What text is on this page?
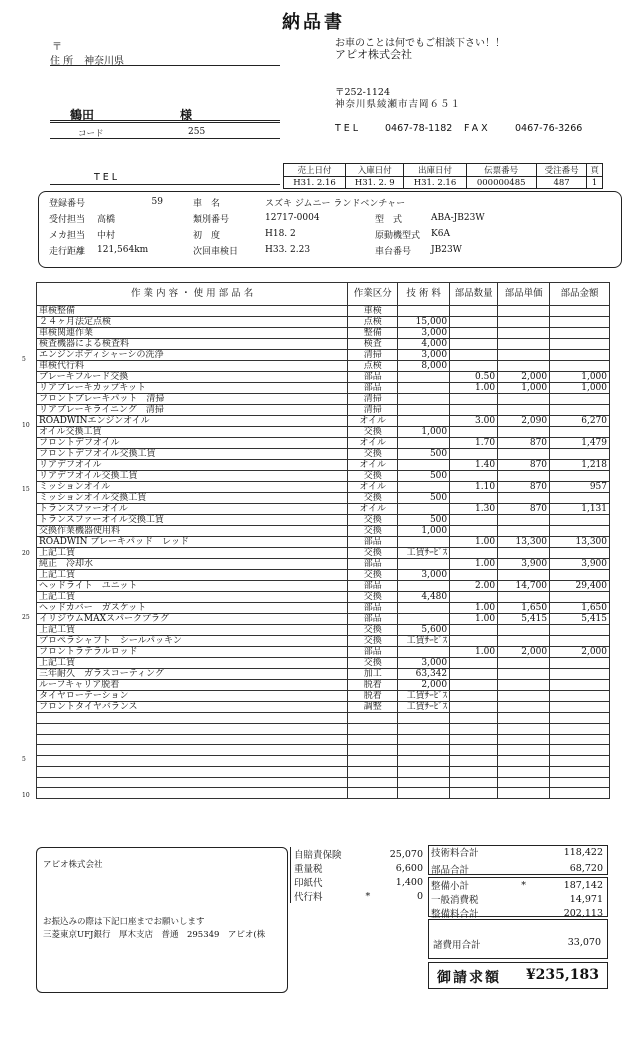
納品書
お車のことは何でもご相談下さい！！
アピオ株式会社
〒252-1124
神奈川県綾瀬市吉岡６５１
TEL	0467-78-1182 FAX	0467-76-3266
〒
住 所 神奈川県
鶴田	様
コード	255
TEL
売上日付	入庫日付	出庫日付	伝票番号	受注番号	頁
H31. 2.16	H31. 2. 9	H31. 2.16	000000485	487	1
登録番号	59	車　名	スズキ ジムニー ランドベンチャー		
受付担当	高橋	類別番号	12717-0004	型　式	ABA-JB23W
メカ担当	中村	初　度	H18. 2	原動機型式	K6A
走行距離	121,564km	次回車検日	H33. 2.23	車台番号	JB23W
5
10
15
20
25
5
10
作 業 内 容 ・ 使 用 部 品 名	作業区分	技 術 料	部品数量	部品単価	部品金額
車検整備	車検				
２４ヶ月法定点検	点検	15,000			
車検関連作業	整備	3,000			
検査機器による検査料	検査	4,000			
エンジンボディシャーシの洗浄	清掃	3,000			
車検代行料	点検	8,000			
ブレーキフルード交換	部品		0.50	2,000	1,000
リアブレーキカップキット	部品		1.00	1,000	1,000
フロントブレーキパット　清掃	清掃				
リアブレーキライニング　清掃	清掃				
ROADWINエンジンオイル	オイル		3.00	2,090	6,270
オイル交換工賃	交換	1,000			
フロントデフオイル	オイル		1.70	870	1,479
フロントデフオイル交換工賃	交換	500			
リアデフオイル	オイル		1.40	870	1,218
リアデフオイル交換工賃	交換	500			
ミッションオイル	オイル		1.10	870	957
ミッションオイル交換工賃	交換	500			
トランスファーオイル	オイル		1.30	870	1,131
トランスファーオイル交換工賃	交換	500			
交換作業機器使用料	交換	1,000			
ROADWIN ブレーキパッド　レッド	部品		1.00	13,300	13,300
上記工賃	交換	工賃ｻｰﾋﾞｽ			
純正　冷却水	部品		1.00	3,900	3,900
上記工賃	交換	3,000			
ヘッドライト　ユニット	部品		2.00	14,700	29,400
上記工賃	交換	4,480			
ヘッドカバー　ガスケット	部品		1.00	1,650	1,650
イリジウムMAXスパークプラグ	部品		1.00	5,415	5,415
上記工賃	交換	5,600			
プロペラシャフト　シールパッキン	交換	工賃ｻｰﾋﾞｽ			
フロントラテラルロッド	部品		1.00	2,000	2,000
上記工賃	交換	3,000			
三年耐久　ガラスコーティング	加工	63,342			
ルーフキャリア脱着	脱着	2,000			
タイヤローテーション	脱着	工賃ｻｰﾋﾞｽ			
フロントタイヤバランス	調整	工賃ｻｰﾋﾞｽ			

アピオ株式会社
お振込みの際は下記口座までお願いします
三菱東京UFJ銀行　厚木支店　普通　295349　アピオ(株
自賠責保険		25,070
重量税		6,600
印紙代		1,400
代行料	*	0
技術料合計		118,422
部品合計		68,720
整備小計	*	187,142
一般消費税		14,971
整備料合計		202,113
諸費用合計	33,070
御請求額 ¥235,183
